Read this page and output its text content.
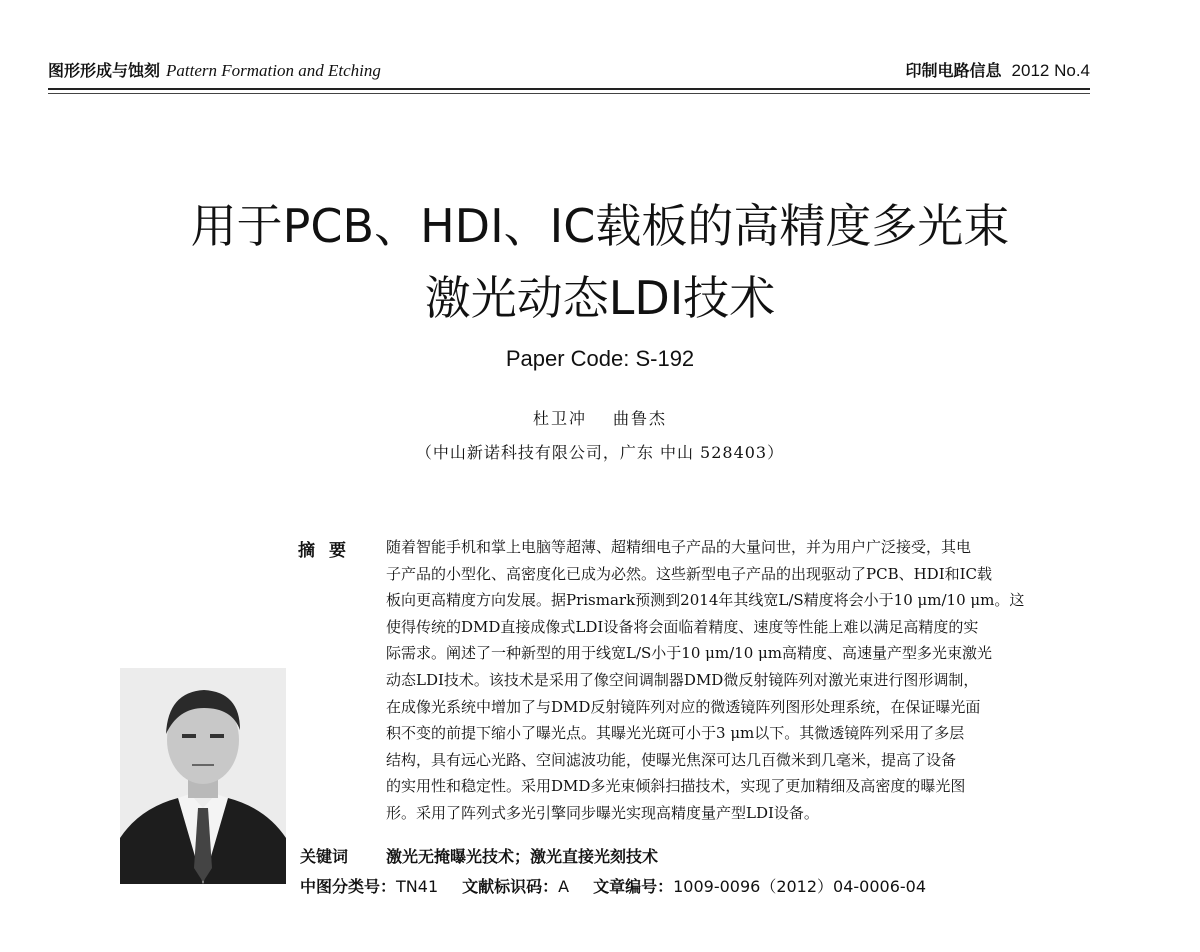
图形形成与蚀刻 Pattern Formation and Etching	印制电路信息 2012 No.4
用于PCB、HDI、IC载板的高精度多光束
激光动态LDI技术
Paper Code: S-192
杜卫冲 曲鲁杰
（中山新诺科技有限公司，广东 中山 528403）
摘要 随着智能手机和掌上电脑等超薄、超精细电子产品的大量问世，并为用户广泛接受，其电
子产品的小型化、高密度化已成为必然。这些新型电子产品的出现驱动了PCB、HDI和IC载
板向更高精度方向发展。据Prismark预测到2014年其线宽L/S精度将会小于10 μm/10 μm。这
使得传统的DMD直接成像式LDI设备将会面临着精度、速度等性能上难以满足高精度的实
际需求。阐述了一种新型的用于线宽L/S小于10 μm/10 μm高精度、高速量产型多光束激光
动态LDI技术。该技术是采用了像空间调制器DMD微反射镜阵列对激光束进行图形调制，
在成像光系统中增加了与DMD反射镜阵列对应的微透镜阵列图形处理系统，在保证曝光面
积不变的前提下缩小了曝光点。其曝光光斑可小于3 μm以下。其微透镜阵列采用了多层
结构，具有远心光路、空间滤波功能，使曝光焦深可达几百微米到几毫米，提高了设备
的实用性和稳定性。采用DMD多光束倾斜扫描技术，实现了更加精细及高密度的曝光图
形。采用了阵列式多光引擎同步曝光实现高精度量产型LDI设备。
关键词 激光无掩曝光技术；激光直接光刻技术
中图分类号：TN41 文献标识码：A 文章编号：1009-0096（2012）04-0006-04
